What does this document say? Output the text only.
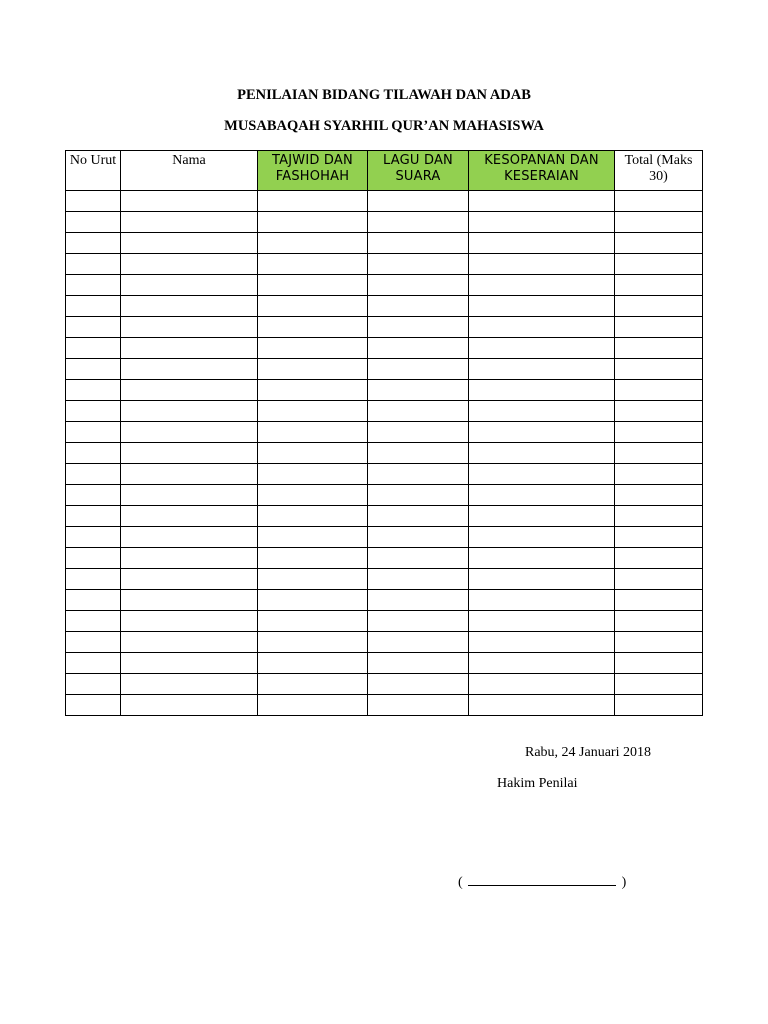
PENILAIAN BIDANG TILAWAH DAN ADAB
MUSABAQAH SYARHIL QUR’AN MAHASISWA
No Urut	Nama	TAJWID DAN FASHOHAH	LAGU DAN SUARA	KESOPANAN DAN KESERAIAN	Total (Maks 30)

Rabu, 24 Januari 2018
Hakim Penilai
(	)
